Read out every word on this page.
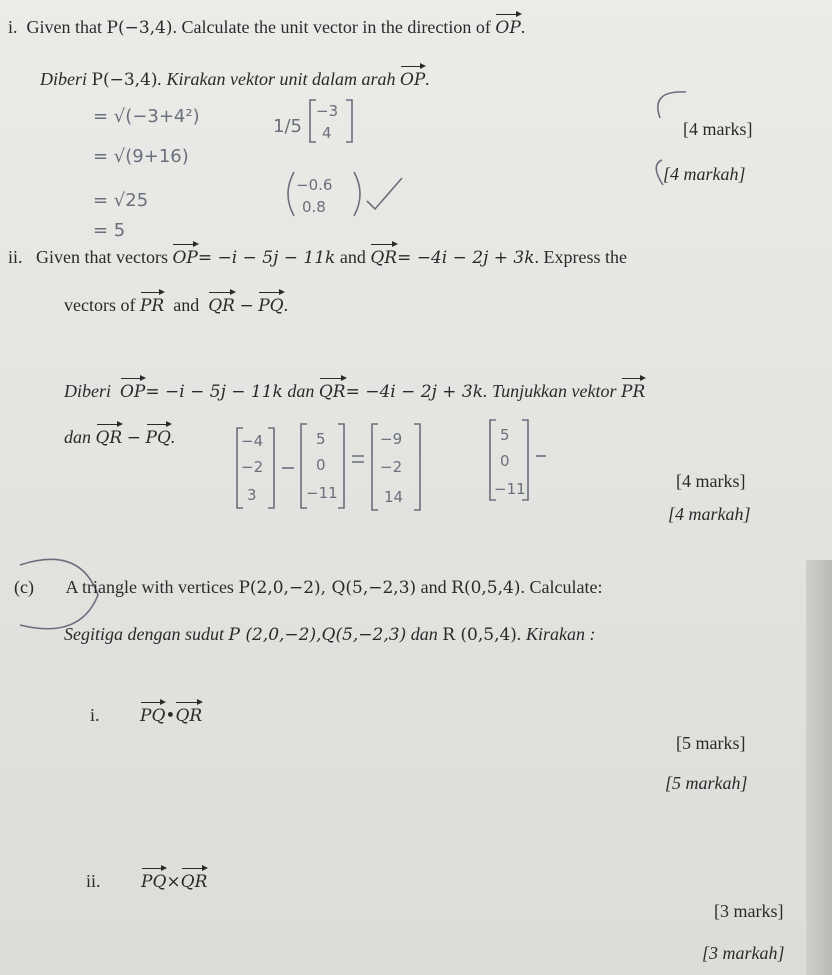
i. Given that P(−3,4). Calculate the unit vector in the direction of OP.
Diberi P(−3,4). Kirakan vektor unit dalam arah OP.
[4 marks]
[4 markah]
= √(−3+4²)
= √(9+16)
= √25
= 5
1/5
−3
4
−0.6
0.8
−4
−2
3
5
0
−11
−9
−2
14
5
0
−11
ii. Given that vectors OP= −i − 5j − 11k and QR= −4i − 2j + 3k. Express the
vectors of PR and QR − PQ.
Diberi OP= −i − 5j − 11k dan QR= −4i − 2j + 3k. Tunjukkan vektor PR
dan QR − PQ.
[4 marks]
[4 markah]
(c) A triangle with vertices P(2,0,−2), Q(5,−2,3) and R(0,5,4). Calculate:
Segitiga dengan sudut P (2,0,−2),Q(5,−2,3) dan R (0,5,4). Kirakan :
i. PQ•QR
[5 marks]
[5 markah]
ii. PQ×QR
[3 marks]
[3 markah]
